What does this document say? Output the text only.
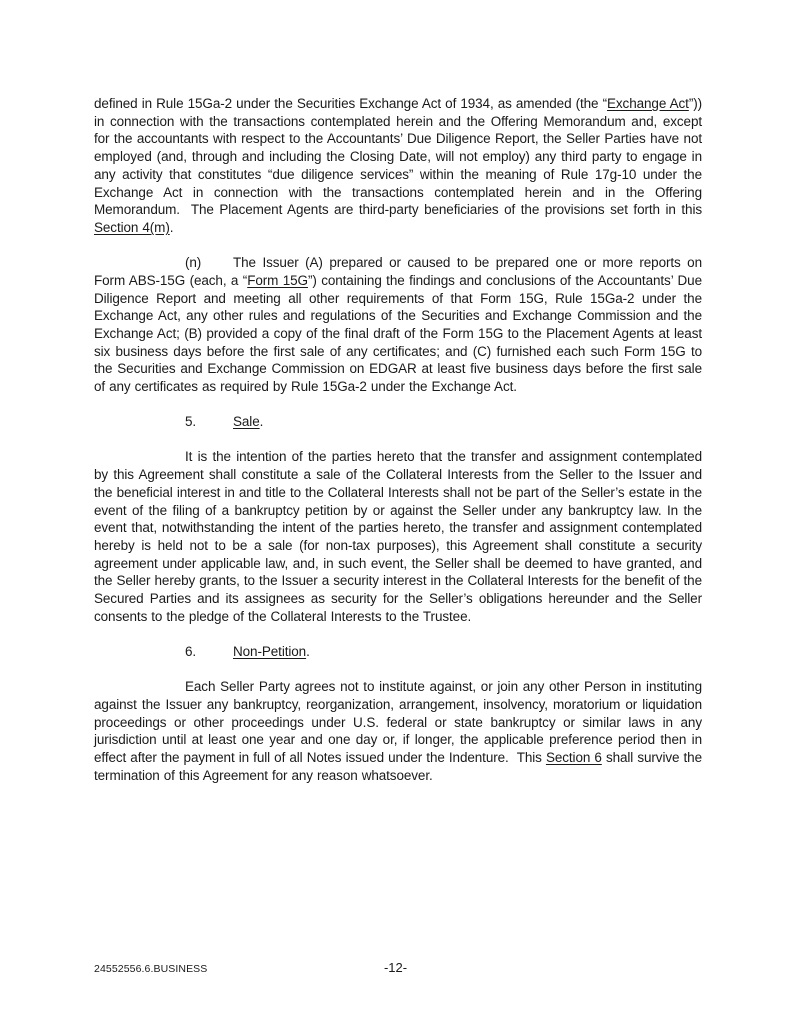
defined in Rule 15Ga-2 under the Securities Exchange Act of 1934, as amended (the “Exchange Act”)) in connection with the transactions contemplated herein and the Offering Memorandum and, except for the accountants with respect to the Accountants’ Due Diligence Report, the Seller Parties have not employed (and, through and including the Closing Date, will not employ) any third party to engage in any activity that constitutes “due diligence services” within the meaning of Rule 17g-10 under the Exchange Act in connection with the transactions contemplated herein and in the Offering Memorandum.  The Placement Agents are third-party beneficiaries of the provisions set forth in this Section 4(m).

(n) The Issuer (A) prepared or caused to be prepared one or more reports on Form ABS-15G (each, a “Form 15G”) containing the findings and conclusions of the Accountants’ Due Diligence Report and meeting all other requirements of that Form 15G, Rule 15Ga-2 under the Exchange Act, any other rules and regulations of the Securities and Exchange Commission and the Exchange Act; (B) provided a copy of the final draft of the Form 15G to the Placement Agents at least six business days before the first sale of any certificates; and (C) furnished each such Form 15G to the Securities and Exchange Commission on EDGAR at least five business days before the first sale of any certificates as required by Rule 15Ga-2 under the Exchange Act.

5.	Sale.

It is the intention of the parties hereto that the transfer and assignment contemplated by this Agreement shall constitute a sale of the Collateral Interests from the Seller to the Issuer and the beneficial interest in and title to the Collateral Interests shall not be part of the Seller’s estate in the event of the filing of a bankruptcy petition by or against the Seller under any bankruptcy law. In the event that, notwithstanding the intent of the parties hereto, the transfer and assignment contemplated hereby is held not to be a sale (for non-tax purposes), this Agreement shall constitute a security agreement under applicable law, and, in such event, the Seller shall be deemed to have granted, and the Seller hereby grants, to the Issuer a security interest in the Collateral Interests for the benefit of the Secured Parties and its assignees as security for the Seller’s obligations hereunder and the Seller consents to the pledge of the Collateral Interests to the Trustee.

6.	Non-Petition.

Each Seller Party agrees not to institute against, or join any other Person in instituting against the Issuer any bankruptcy, reorganization, arrangement, insolvency, moratorium or liquidation proceedings or other proceedings under U.S. federal or state bankruptcy or similar laws in any jurisdiction until at least one year and one day or, if longer, the applicable preference period then in effect after the payment in full of all Notes issued under the Indenture.  This Section 6 shall survive the termination of this Agreement for any reason whatsoever.

-12-
24552556.6.BUSINESS
